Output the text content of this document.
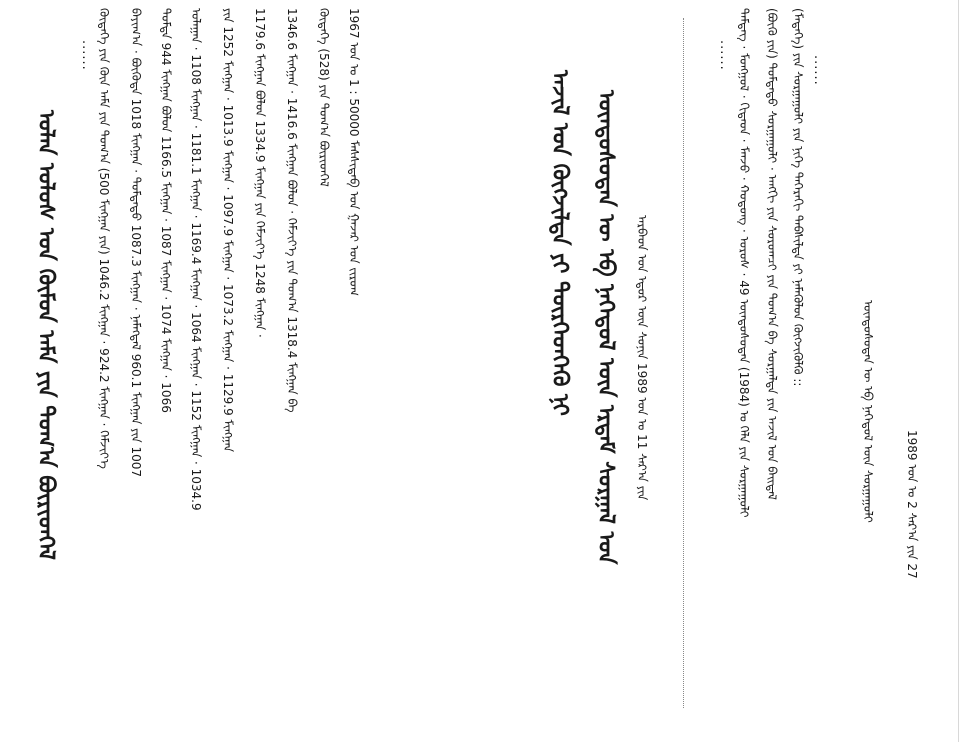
1989 ᠣᠨ ᠤ 2 ᠰᠠᠷ᠎ᠠ ᠶᠢᠨ 27
ᠦᠨᠳᠦᠰᠦᠲᠡᠨ ᠦ ᠡᠪ ᠨᠡᠭᠡᠳᠦᠯ ᠦᠨ ᠰᠤᠷᠭᠠᠭᠤᠯᠢ
ᠲᠡᠮᠳᠡᠭ᠌ · ᠮᠣᠩᠭᠣᠯ · ᠬᠢᠲᠠᠳ · ᠮᠠᠨᠵᠤ · ᠬᠣᠲᠣᠩ · ᠣᠷᠣᠰ · 49 ᠦᠨᠳᠦᠰᠦᠲᠡᠨ (1984) ᠤ ᠬᠡᠯᠡ ᠶᠢᠨ ᠰᠤᠷᠭᠠᠭᠤᠯᠢ (ᠪᠦᠬᠦ ᠶᠢᠨ) ᠳᠤᠮᠳᠠᠳᠤ ᠰᠤᠷᠭᠠᠭᠤᠯᠢ · ᠠᠩᠭᠢ ᠶᠢᠨ ᠰᠤᠷᠤᠭᠴᠢ ᠶᠢᠨ ᠲᠣᠭ᠎ᠠ ᠪᠠ ᠰᠤᠷᠭᠠᠯᠲᠠ ᠶᠢᠨ ᠠᠵᠢᠯ ᠤᠨ ᠪᠠᠢᠳᠠᠯ (ᠮᠡᠳᠡᠭᠡ) ᠶᠢᠨ ᠰᠤᠷᠭᠠᠭᠤᠯᠢ ᠶᠢᠨ ᠨᠢᠭᠡ ᠳᠡᠭᠡᠷᠡᠬᠢ ᠳᠡᠪᠰᠢᠯᠲᠡ ᠶᠢ ᠨᠡᠮᠡᠭᠦᠯᠦᠨ ᠬᠥᠭᠵᠢᠭᠦᠯᠬᠦ ::
......	......
ᠦᠨᠳᠦᠰᠦᠲᠡᠨ ᠦ ᠡᠪ ᠨᠡᠭᠡᠳᠦᠯ ᠦᠨ ᠡᠷᠳᠡᠮ ᠰᠤᠷᠭᠠᠯ ᠤᠨ
ᠠᠵᠢᠯ ᠤᠨ ᠬᠥᠭᠵᠢᠯᠲᠡ ᠶᠢ ᠲᠦᠷᠭᠡᠳᠬᠡᠬᠦ ᠨᠢ	ᠠᠷᠪᠠᠳ ᠤᠨ ᠡᠳᠦᠷ ᠦᠨ ᠰᠣᠨᠢᠨ 1989 ᠣᠨ ᠤ 11 ᠰᠠᠷ᠎ᠠ ᠶᠢᠨ
ᠬᠥᠳᠡᠭᠡ ᠶᠢᠨ ᠬᠦᠨ ᠠᠮᠠ ᠶᠢᠨ ᠲᠣᠭ᠎ᠠ (500 ᠮᠢᠩᠭ᠋ᠠᠨ ᠶᠢᠨ) 1046.2 ᠮᠢᠩᠭ᠋ᠠᠨ · 924.2 ᠮᠢᠩᠭ᠋ᠠᠨ · ᠬᠡᠮᠵᠢᠶ᠎ᠡ ᠪᠠᠶᠢᠭ᠎ᠠ · ᠪᠦᠭᠦᠳᠡ 1018 ᠮᠢᠩᠭ᠋ᠠᠨ · ᠳᠤᠮᠳᠠᠳᠤ 1087.3 ᠮᠢᠩᠭ᠋ᠠᠨ · ᠨᠡᠮᠡᠭᠳᠡᠯ 960.1 ᠮᠢᠩᠭ᠋ᠠᠨ ᠶᠢᠨ 1007 ᠳᠤᠮᠳᠠ 944 ᠮᠢᠩᠭ᠋ᠠᠨ ᠪᠣᠯᠤᠨ 1166.5 ᠮᠢᠩᠭ᠋ᠠᠨ · 1087 ᠮᠢᠩᠭ᠋ᠠᠨ · 1074 ᠮᠢᠩᠭ᠋ᠠᠨ · 1066 ᠤᠯᠠᠭᠠᠨ · 1108 ᠮᠢᠩᠭ᠋ᠠᠨ · 1181.1 ᠮᠢᠩᠭ᠋ᠠᠨ · 1169.4 ᠮᠢᠩᠭ᠋ᠠᠨ · 1064 ᠮᠢᠩᠭ᠋ᠠᠨ · 1152 ᠮᠢᠩᠭ᠋ᠠᠨ · 1034.9 ᠶᠢᠨ 1252 ᠮᠢᠩᠭ᠋ᠠᠨ · 1013.9 ᠮᠢᠩᠭ᠋ᠠᠨ · 1097.9 ᠮᠢᠩᠭ᠋ᠠᠨ · 1073.2 ᠮᠢᠩᠭ᠋ᠠᠨ · 1129.9 ᠮᠢᠩᠭ᠋ᠠᠨ 1179.6 ᠮᠢᠩᠭ᠋ᠠᠨ ᠪᠣᠯᠤᠨ 1334.9 ᠮᠢᠩᠭ᠋ᠠᠨ ᠶᠢᠨ ᠬᠡᠮᠵᠢᠶ᠎ᠡ 1248 ᠮᠢᠩᠭ᠋ᠠᠨ · 1346.6 ᠮᠢᠩᠭ᠋ᠠᠨ · 1416.6 ᠮᠢᠩᠭ᠋ᠠᠨ ᠪᠣᠯᠤᠨ · ᠬᠡᠮᠵᠢᠶ᠎ᠡ ᠶᠢᠨ ᠲᠣᠭ᠎ᠠ 1318.4 ᠮᠢᠩᠭ᠋ᠠᠨ ᠪᠠ ᠬᠥᠳᠡᠭᠡ (528) ᠶᠢᠨ ᠲᠣᠭ᠎ᠠ ᠪᠦᠷᠢᠳᠬᠡᠯ 1967 ᠣᠨ ᠤ 1 : 50000 ᠮᠠᠰᠰᠢᠲᠠᠪ ᠤᠨ ᠭᠠᠵᠠᠷ ᠤᠨ ᠵᠢᠷᠤᠭ
......
ᠣᠯᠠᠨ ᠤᠯᠤᠰ ᠤᠨ ᠬᠦᠮᠦᠨ ᠠᠮᠠ ᠶᠢᠨ ᠲᠣᠭ᠎ᠠ ᠪᠦᠷᠢᠳᠬᠡᠯ
